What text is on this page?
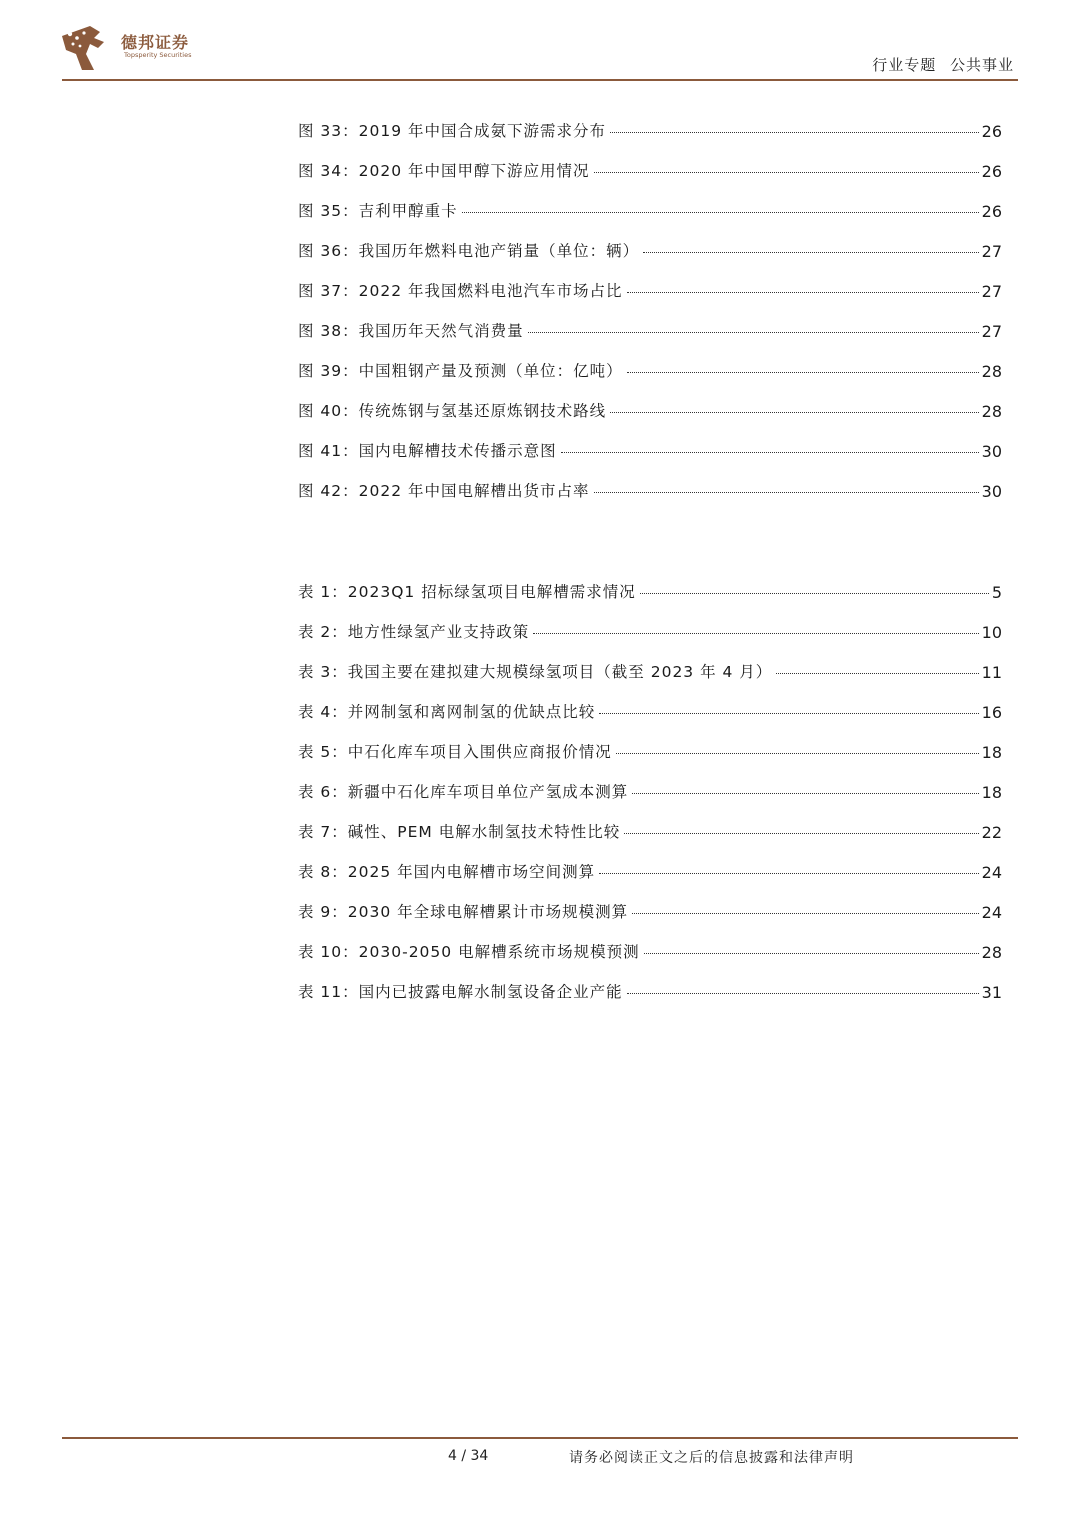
德邦证券
Topsperity Securities
行业专题 公共事业
图 33：2019 年中国合成氨下游需求分布	26
图 34：2020 年中国甲醇下游应用情况	26
图 35：吉利甲醇重卡	26
图 36：我国历年燃料电池产销量（单位：辆）	27
图 37：2022 年我国燃料电池汽车市场占比	27
图 38：我国历年天然气消费量	27
图 39：中国粗钢产量及预测（单位：亿吨）	28
图 40：传统炼钢与氢基还原炼钢技术路线	28
图 41：国内电解槽技术传播示意图	30
图 42：2022 年中国电解槽出货市占率	30
表 1：2023Q1 招标绿氢项目电解槽需求情况	5
表 2：地方性绿氢产业支持政策	10
表 3：我国主要在建拟建大规模绿氢项目（截至 2023 年 4 月）	11
表 4：并网制氢和离网制氢的优缺点比较	16
表 5：中石化库车项目入围供应商报价情况	18
表 6：新疆中石化库车项目单位产氢成本测算	18
表 7：碱性、PEM 电解水制氢技术特性比较	22
表 8：2025 年国内电解槽市场空间测算	24
表 9：2030 年全球电解槽累计市场规模测算	24
表 10：2030-2050 电解槽系统市场规模预测	28
表 11：国内已披露电解水制氢设备企业产能	31
4 / 34	请务必阅读正文之后的信息披露和法律声明
